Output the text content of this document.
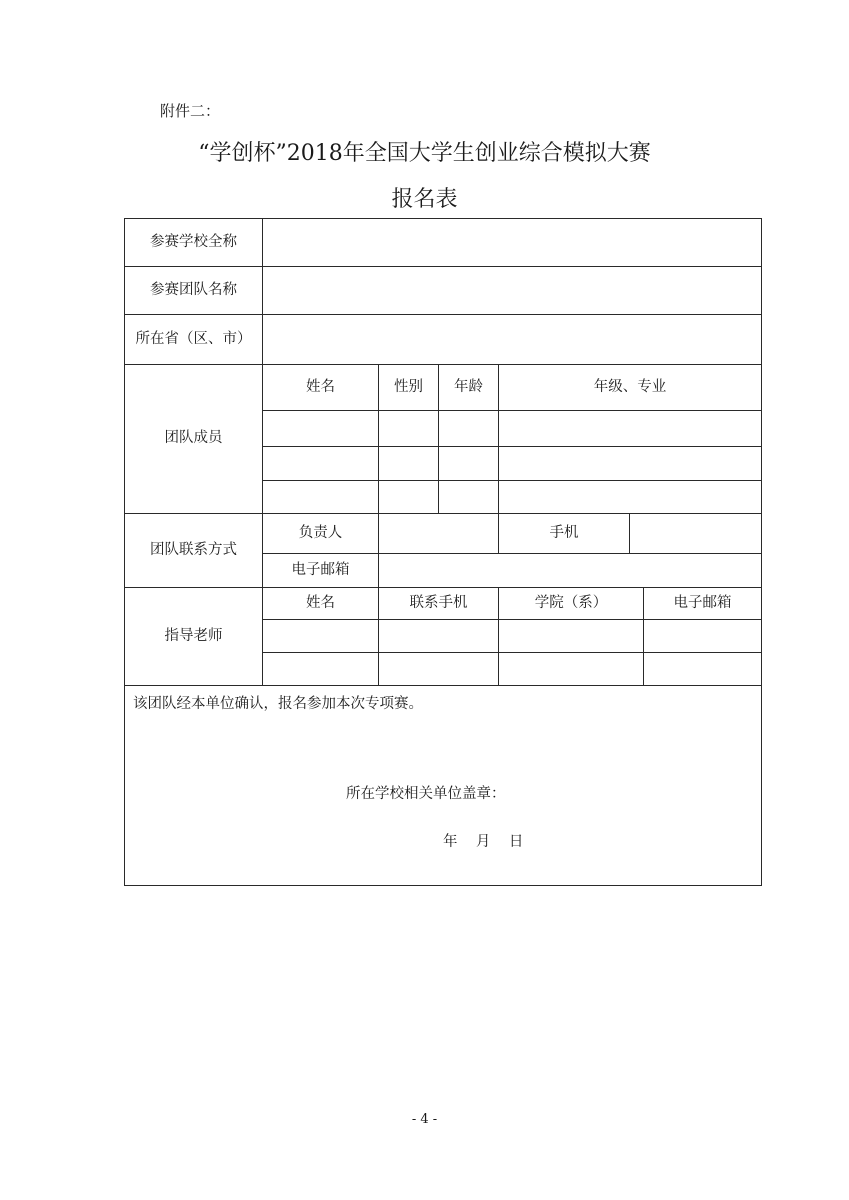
附件二：
“学创杯”2018年全国大学生创业综合模拟大赛
报名表
参赛学校全称						
参赛团队名称						
所在省（区、市）						
团队成员	姓名	性别	年龄	年级、专业		

团队联系方式	负责人			手机		
	电子邮箱					
指导老师	姓名	联系手机		学院（系）		电子邮箱

该团队经本单位确认，报名参加本次专项赛。
所在学校相关单位盖章：
年    月    日						
- 4 -
